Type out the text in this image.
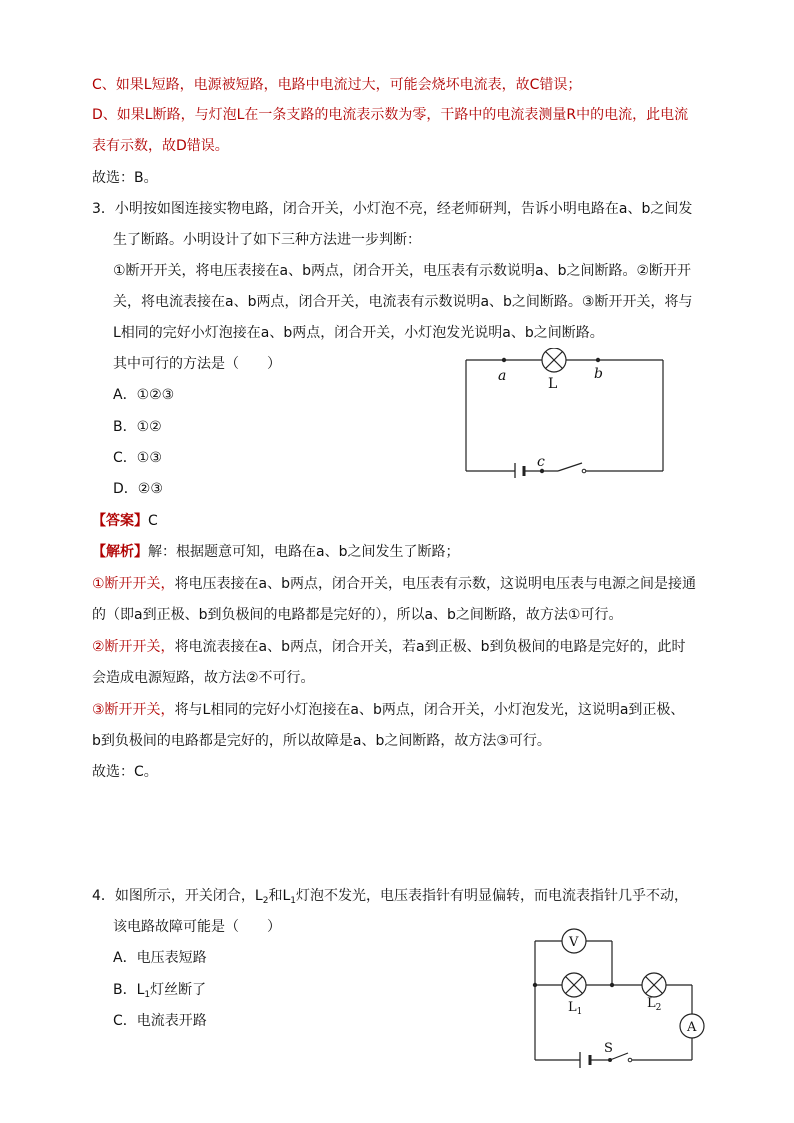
C、如果L短路，电源被短路，电路中电流过大，可能会烧坏电流表，故C错误；
D、如果L断路，与灯泡L在一条支路的电流表示数为零，干路中的电流表测量R中的电流，此电流
表有示数，故D错误。
故选：B。
3．小明按如图连接实物电路，闭合开关，小灯泡不亮，经老师研判，告诉小明电路在a、b之间发
生了断路。小明设计了如下三种方法进一步判断：
①断开开关，将电压表接在a、b两点，闭合开关，电压表有示数说明a、b之间断路。②断开开
关，将电流表接在a、b两点，闭合开关，电流表有示数说明a、b之间断路。③断开开关，将与
L相同的完好小灯泡接在a、b两点，闭合开关，小灯泡发光说明a、b之间断路。
其中可行的方法是（　　）
A．①②③
B．①②
C．①③
D．②③
a	L
b
c
【答案】C
【解析】解：根据题意可知，电路在a、b之间发生了断路；
①断开开关，将电压表接在a、b两点，闭合开关，电压表有示数，这说明电压表与电源之间是接通
的（即a到正极、b到负极间的电路都是完好的），所以a、b之间断路，故方法①可行。
②断开开关，将电流表接在a、b两点，闭合开关，若a到正极、b到负极间的电路是完好的，此时
会造成电源短路，故方法②不可行。
③断开开关，将与L相同的完好小灯泡接在a、b两点，闭合开关，小灯泡发光，这说明a到正极、
b到负极间的电路都是完好的，所以故障是a、b之间断路，故方法③可行。
故选：C。
4．如图所示，开关闭合，$L_2$和$L_1$灯泡不发光，电压表指针有明显偏转，而电流表指针几乎不动，
该电路故障可能是（　　）
A．电压表短路
B．$L_1$灯丝断了
C．电流表开路
V
A
$L_1$
$L_2$
S
